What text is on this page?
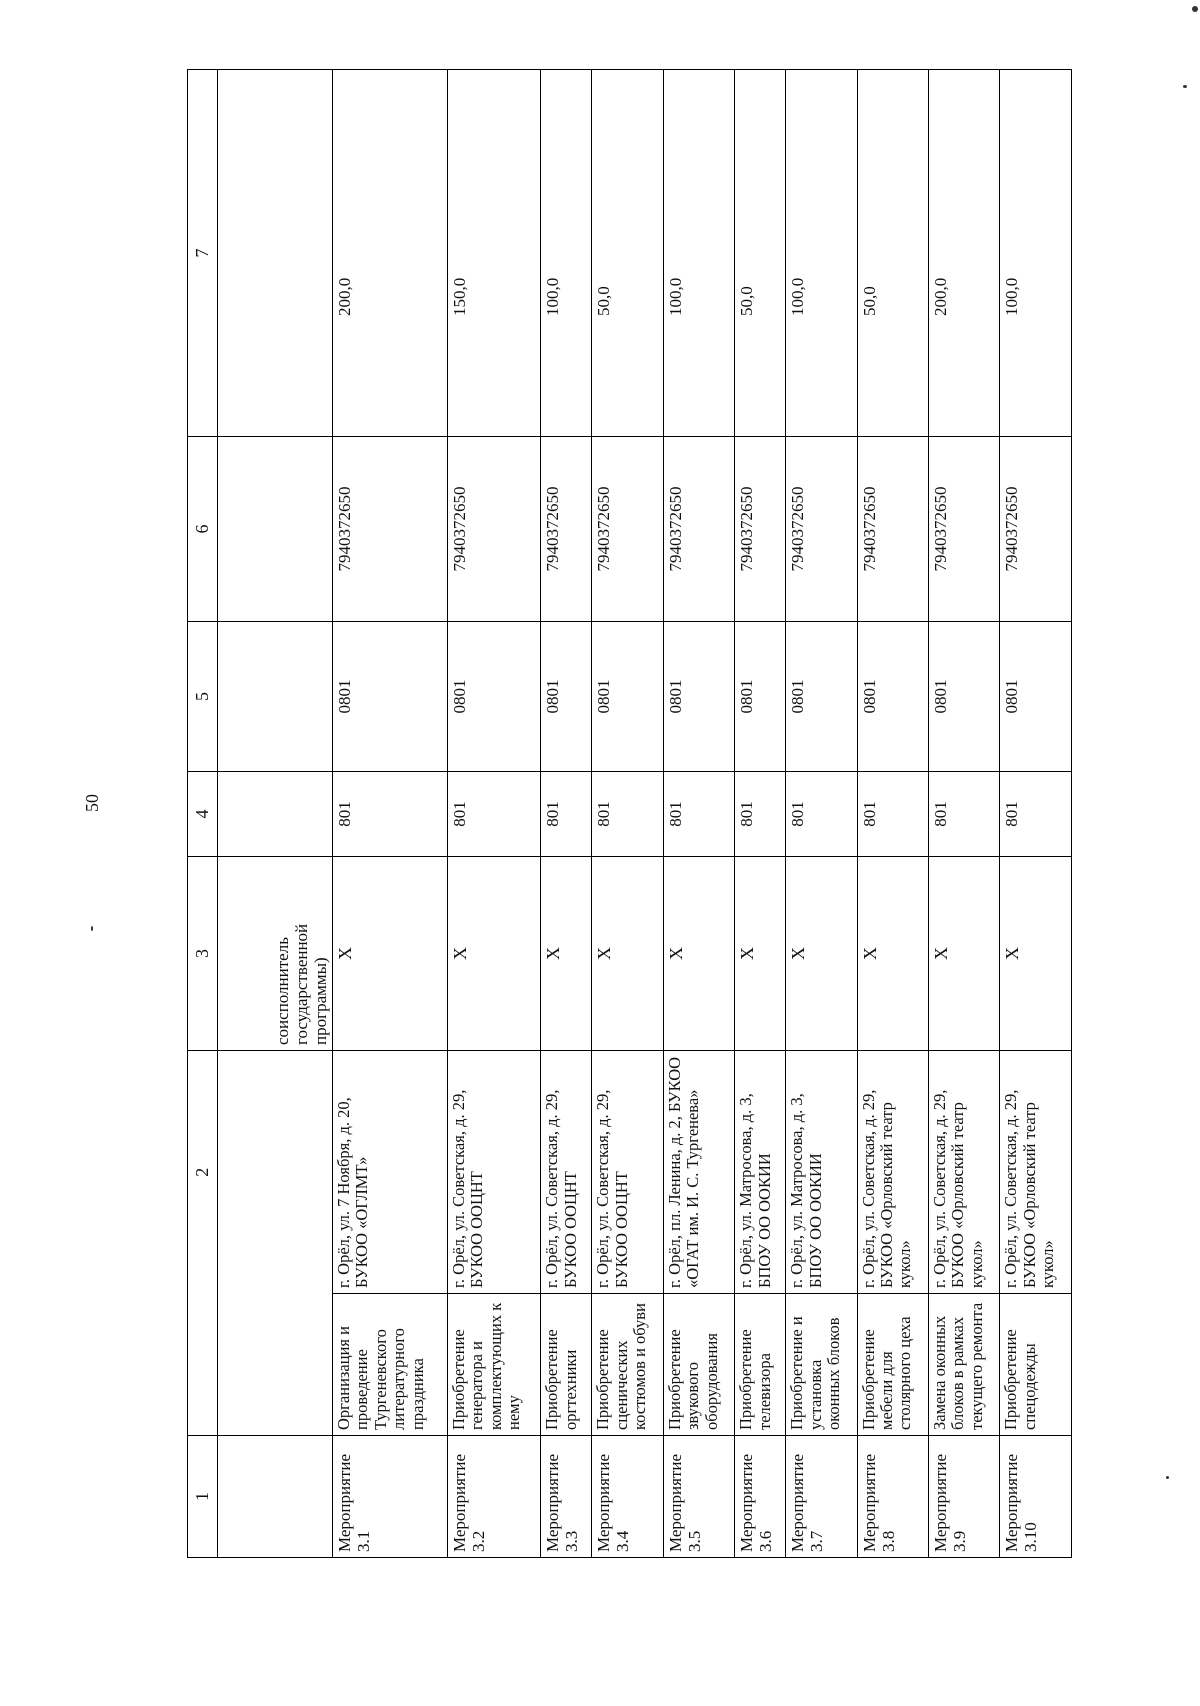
50
1		2	3	4	5	6	7
			соисполнитель государственной программы)				
Мероприятие 3.1	Организация и проведение Тургеневского литературного праздника	г. Орёл, ул. 7 Ноября, д. 20, БУКОО «ОГЛМТ»	X	801	0801	7940372650	200,0
Мероприятие 3.2	Приобретение генератора и комплектующих к нему	г. Орёл, ул. Советская, д. 29, БУКОО ООЦНТ	X	801	0801	7940372650	150,0
Мероприятие 3.3	Приобретение оргтехники	г. Орёл, ул. Советская, д. 29, БУКОО ООЦНТ	X	801	0801	7940372650	100,0
Мероприятие 3.4	Приобретение сценических костюмов и обуви	г. Орёл, ул. Советская, д. 29, БУКОО ООЦНТ	X	801	0801	7940372650	50,0
Мероприятие 3.5	Приобретение звукового оборудования	г. Орёл, пл. Ленина, д. 2, БУКОО «ОГАТ им. И. С. Тургенева»	X	801	0801	7940372650	100,0
Мероприятие 3.6	Приобретение телевизора	г. Орёл, ул. Матросова, д. 3, БПОУ ОО ООКИИ	X	801	0801	7940372650	50,0
Мероприятие 3.7	Приобретение и установка оконных блоков	г. Орёл, ул. Матросова, д. 3, БПОУ ОО ООКИИ	X	801	0801	7940372650	100,0
Мероприятие 3.8	Приобретение мебели для столярного цеха	г. Орёл, ул. Советская, д. 29, БУКОО «Орловский театр кукол»	X	801	0801	7940372650	50,0
Мероприятие 3.9	Замена оконных блоков в рамках текущего ремонта	г. Орёл, ул. Советская, д. 29, БУКОО «Орловский театр кукол»	X	801	0801	7940372650	200,0
Мероприятие 3.10	Приобретение спецодежды	г. Орёл, ул. Советская, д. 29, БУКОО «Орловский театр кукол»	X	801	0801	7940372650	100,0
